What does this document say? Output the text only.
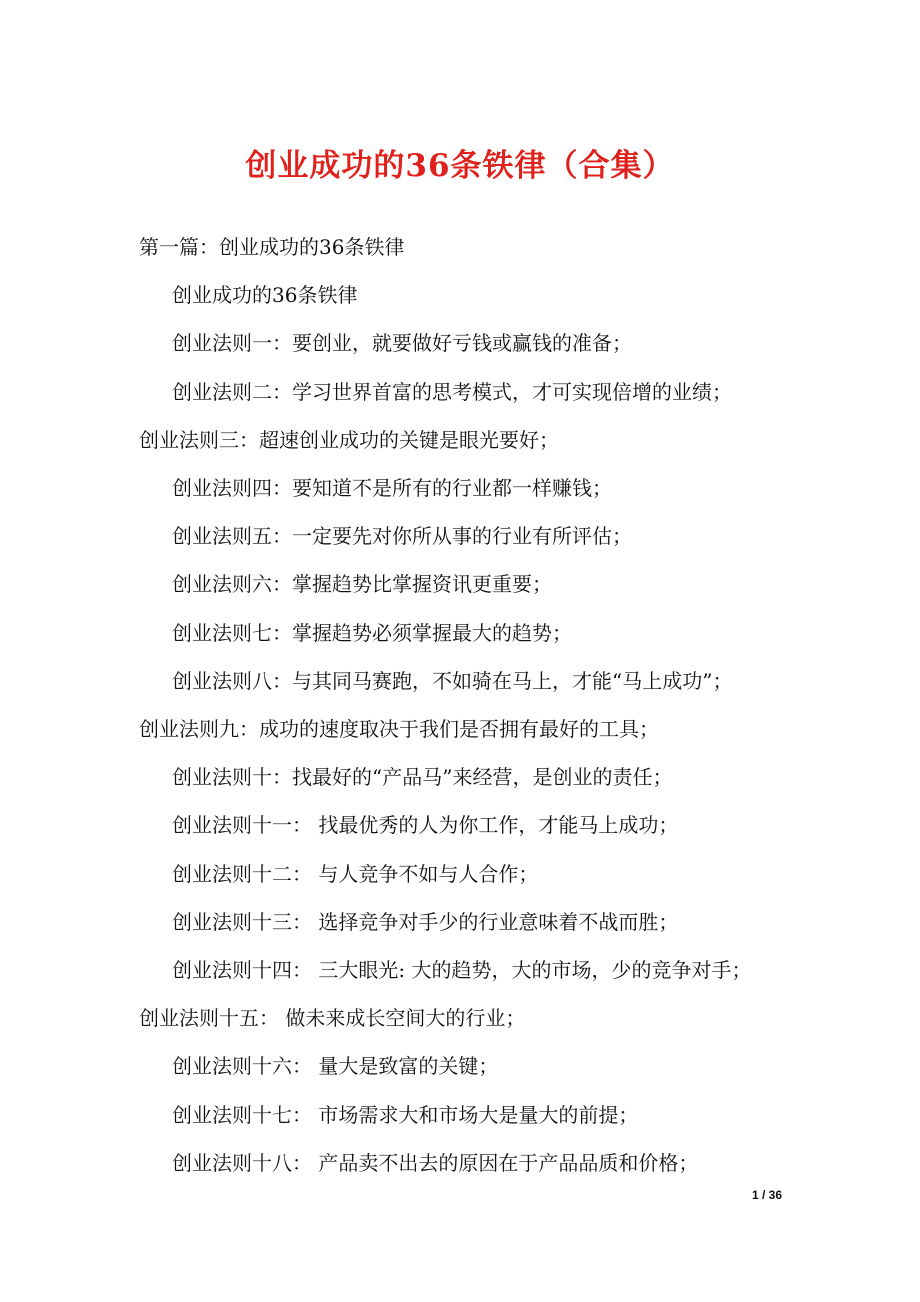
创业成功的36条铁律（合集）
第一篇：创业成功的36条铁律
创业成功的36条铁律
创业法则一：要创业，就要做好亏钱或赢钱的准备；
创业法则二：学习世界首富的思考模式，才可实现倍增的业绩；
创业法则三：超速创业成功的关键是眼光要好；
创业法则四：要知道不是所有的行业都一样赚钱；
创业法则五：一定要先对你所从事的行业有所评估；
创业法则六：掌握趋势比掌握资讯更重要；
创业法则七：掌握趋势必须掌握最大的趋势；
创业法则八：与其同马赛跑，不如骑在马上，才能“马上成功”；
创业法则九：成功的速度取决于我们是否拥有最好的工具；
创业法则十：找最好的“产品马”来经营，是创业的责任；
创业法则十一： 找最优秀的人为你工作，才能马上成功；
创业法则十二： 与人竞争不如与人合作；
创业法则十三： 选择竞争对手少的行业意味着不战而胜；
创业法则十四： 三大眼光: 大的趋势，大的市场，少的竞争对手；
创业法则十五： 做未来成长空间大的行业；
创业法则十六： 量大是致富的关键；
创业法则十七： 市场需求大和市场大是量大的前提；
创业法则十八： 产品卖不出去的原因在于产品品质和价格；
1 / 36
